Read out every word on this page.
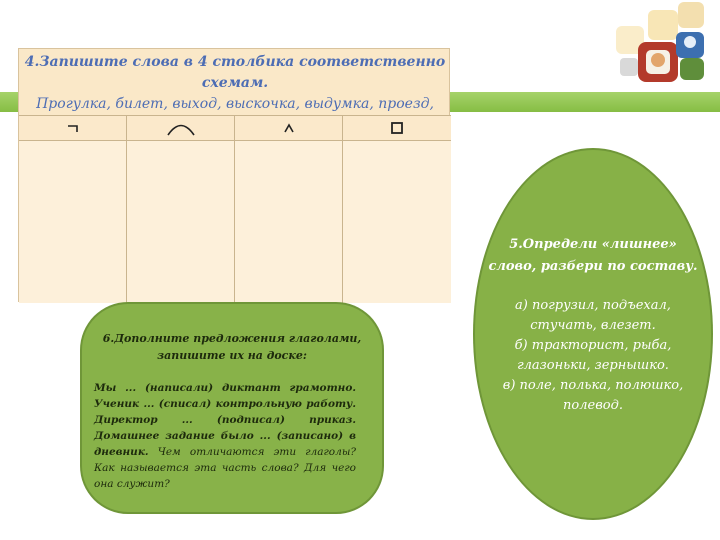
4.Запишите слова в 4 столбика соответственно схемам.
Прогулка, билет, выход, выскочка, выдумка, проезд,
6.Дополните предложения глаголами,
запишите их на доске:
Мы ... (написали) диктант грамотно. Ученик ... (списал) контрольную работу. Директор ... (подписал) приказ. Домашнее задание было ... (записано) в дневник. Чем отличаются эти глаголы? Как называется эта часть слова? Для чего она служит?
5.Определи «лишнее»
слово, разбери по составу.
а) погрузил, подъехал,
стучать, влезет.
б) тракторист, рыба,
глазоньки, зернышко.
в) поле, полька, полюшко,
полевод.
